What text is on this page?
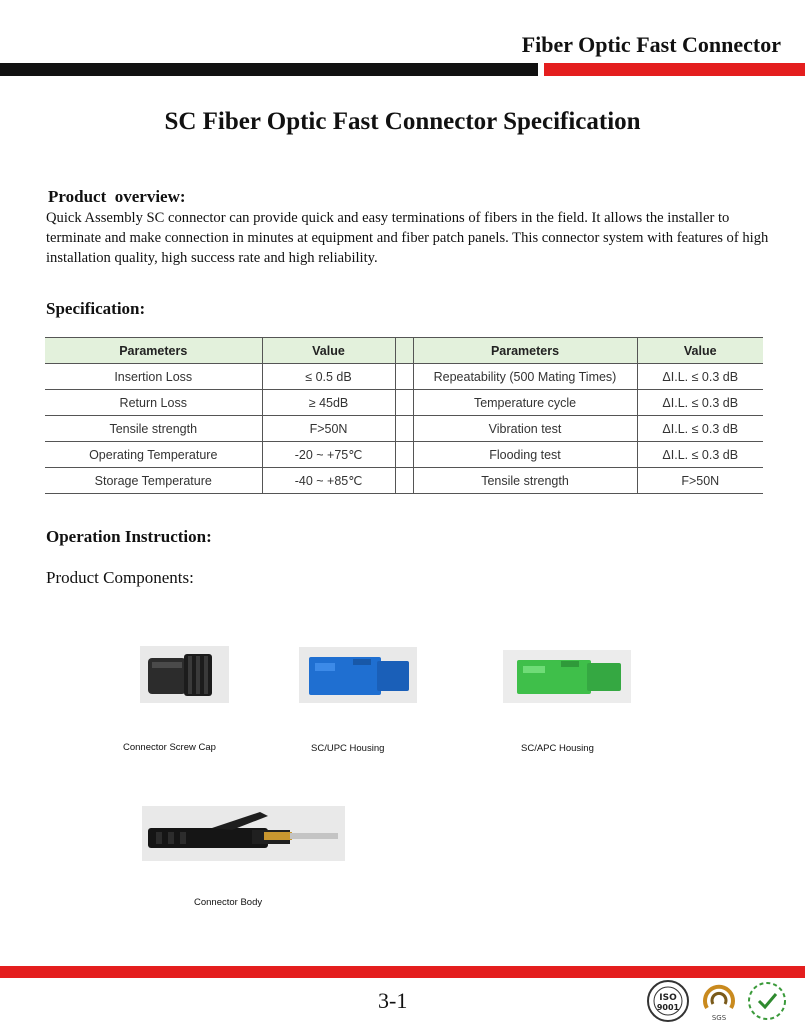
Fiber Optic Fast Connector
SC Fiber Optic Fast Connector Specification
Product  overview:
Quick Assembly SC connector can provide quick and easy terminations of fibers in the field. It allows the installer to terminate and make connection in minutes at equipment and fiber patch panels. This connector system with features of high installation quality, high success rate and high reliability.
Specification:
Parameters	Value		Parameters	Value
Insertion Loss	≤ 0.5 dB		Repeatability (500 Mating Times)	ΔI.L. ≤ 0.3 dB
Return Loss	≥ 45dB		Temperature cycle	ΔI.L. ≤ 0.3 dB
Tensile strength	F>50N		Vibration test	ΔI.L. ≤ 0.3 dB
Operating Temperature	-20 ~ +75℃		Flooding test	ΔI.L. ≤ 0.3 dB
Storage Temperature	-40 ~ +85℃		Tensile strength	F>50N
Operation Instruction:
Product Components:
Connector Screw Cap	SC/UPC Housing	SC/APC Housing
Connector Body
3-1	ISO
9001
SGS
